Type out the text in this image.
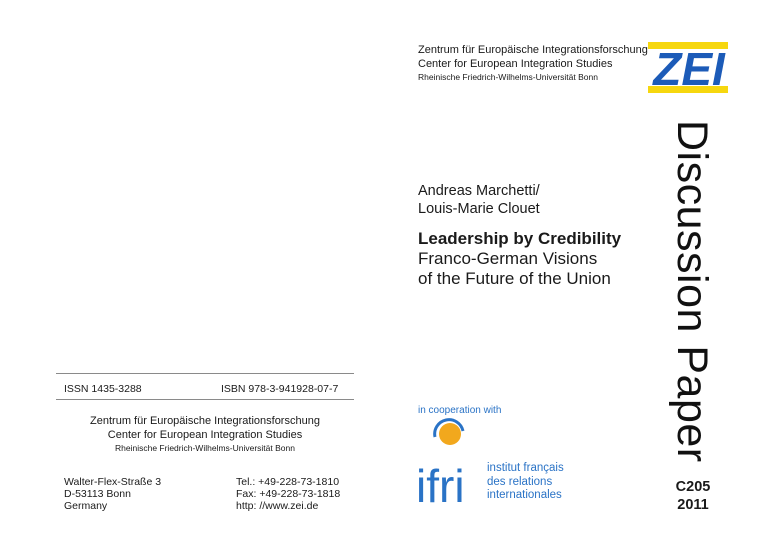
Zentrum für Europäische Integrationsforschung
Center for European Integration Studies
Rheinische Friedrich-Wilhelms-Universität Bonn ZEI
Andreas Marchetti/
Louis-Marie Clouet
Leadership by Credibility
Franco-German Visions
of the Future of the Union Discussion Paper
C205
2011
in cooperation with
ifri institut français
des relations
internationales
ISSN 1435-3288	ISBN 978-3-941928-07-7
Zentrum für Europäische Integrationsforschung
Center for European Integration Studies
Rheinische Friedrich-Wilhelms-Universität Bonn
Walter-Flex-Straße 3
D-53113 Bonn
Germany
Tel.: +49-228-73-1810
Fax: +49-228-73-1818
http: //www.zei.de
